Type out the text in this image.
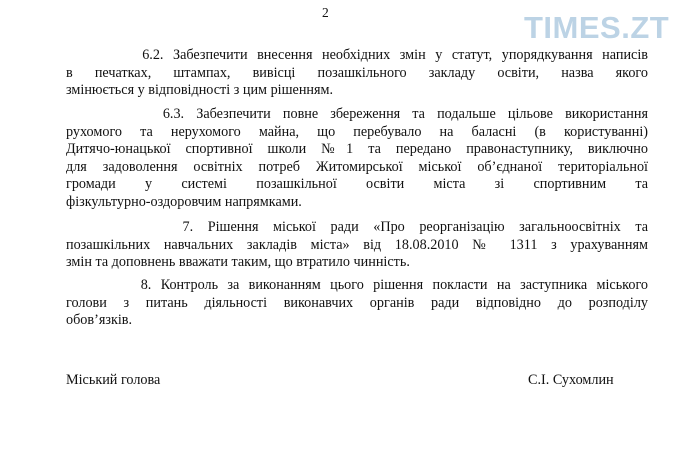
2	TIMES.ZT
6.2. Забезпечити внесення необхідних змін у статут, упорядкування написів
в печатках, штампах, вивісці позашкільного закладу освіти, назва якого
змінюється у відповідності з цим рішенням.
6.3. Забезпечити повне збереження та подальше цільове використання
рухомого та нерухомого майна, що перебувало на баласні (в користуванні)
Дитячо-юнацької спортивної школи №1 та передано правонаступнику, виключно
для задоволення освітніх потреб Житомирської міської об’єднаної територіальної
громади у системі позашкільної освіти міста зі спортивним та
фізкультурно-оздоровчим напрямками.
7. Рішення міської ради «Про реорганізацію загальноосвітніх та
позашкільних навчальних закладів міста» від 18.08.2010 № 1311 з урахуванням
змін та доповнень вважати таким, що втратило чинність.
8. Контроль за виконанням цього рішення покласти на заступника міського
голови з питань діяльності виконавчих органів ради відповідно до розподілу
обов’язків.
Міський голова	С.І. Сухомлин
